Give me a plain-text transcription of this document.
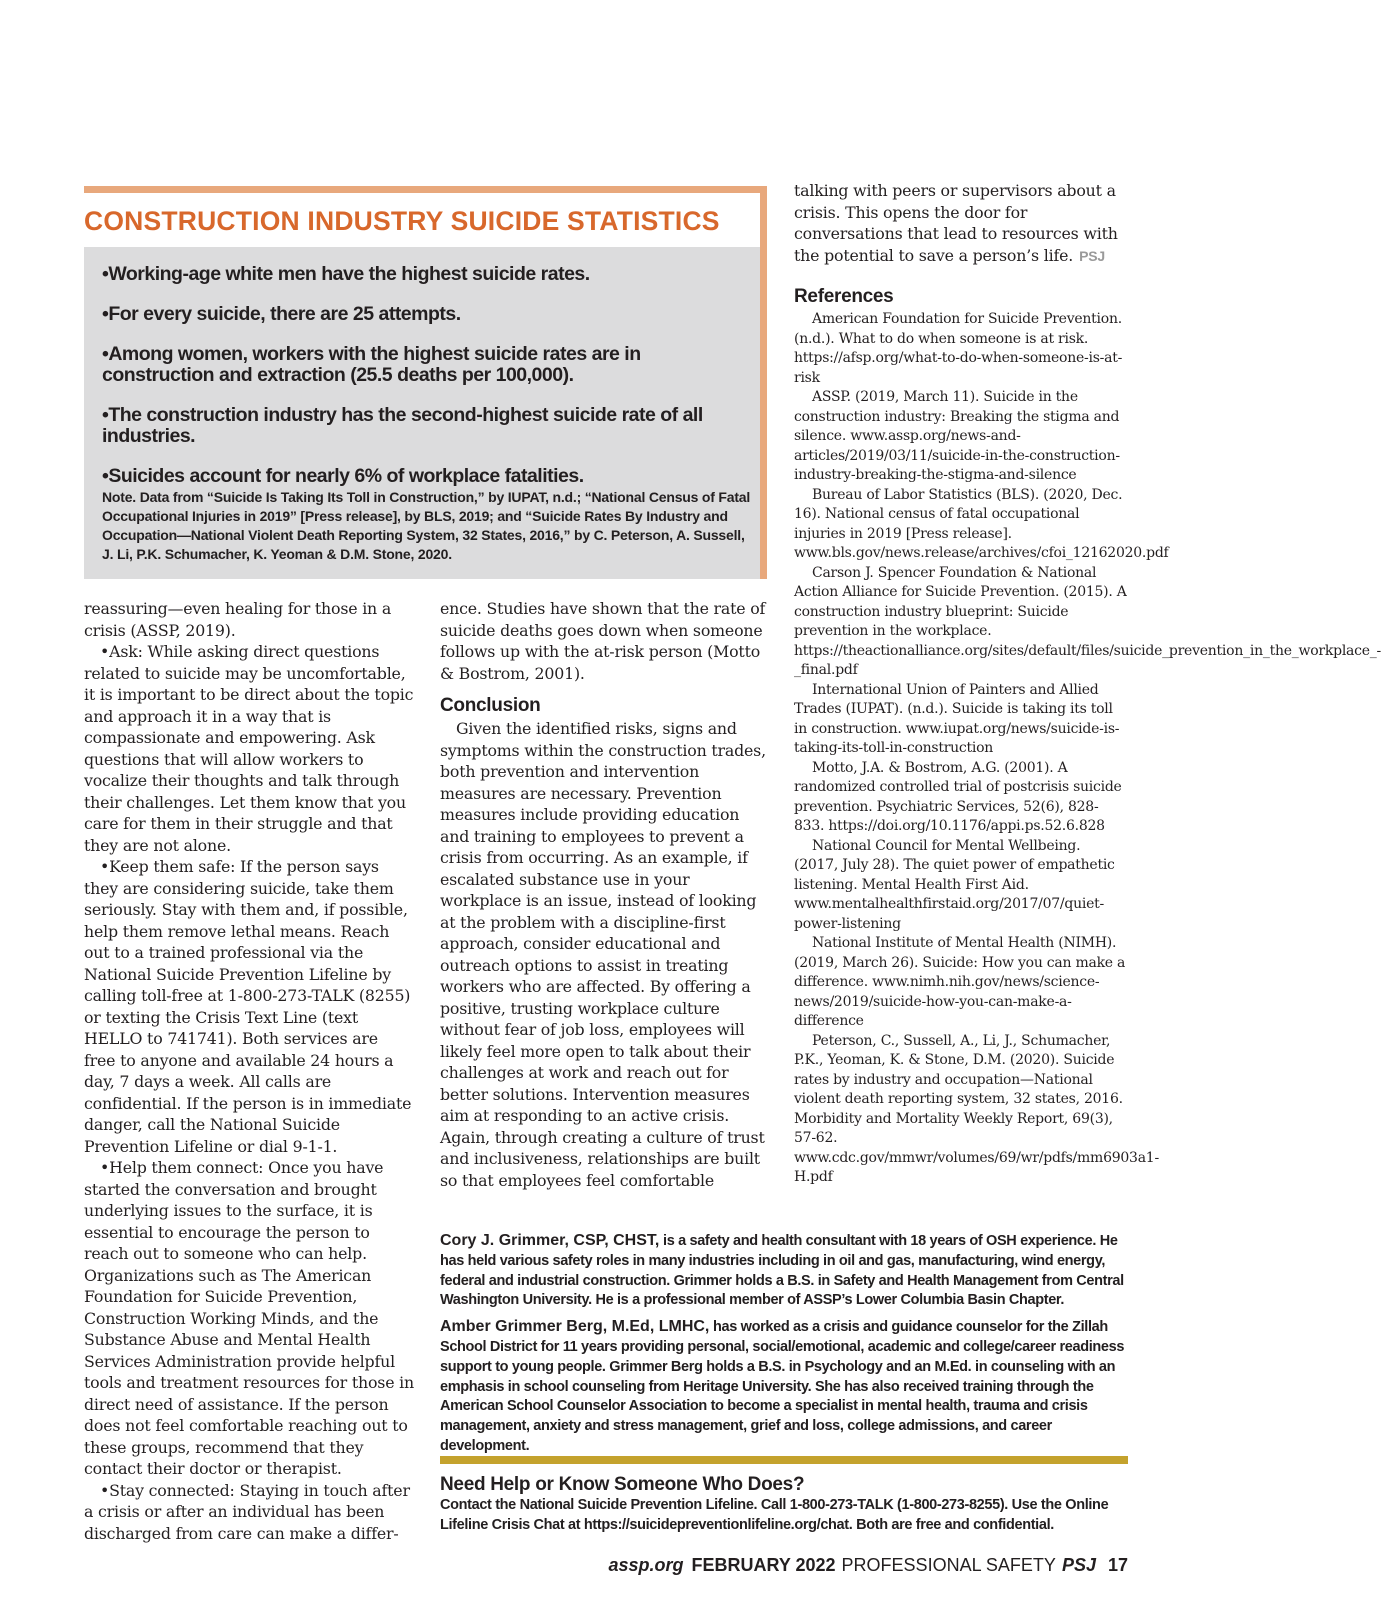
CONSTRUCTION INDUSTRY SUICIDE STATISTICS

•Working-age white men have the highest suicide rates.

•For every suicide, there are 25 attempts.

•Among women, workers with the highest suicide rates are in construction and extraction (25.5 deaths per 100,000).

•The construction industry has the second-highest suicide rate of all industries.

•Suicides account for nearly 6% of workplace fatalities.

Note. Data from “Suicide Is Taking Its Toll in Construction,” by IUPAT, n.d.; “National Census of Fatal Occupational Injuries in 2019” [Press release], by BLS, 2019; and “Suicide Rates By Industry and Occupation—National Violent Death Reporting System, 32 States, 2016,” by C. Peterson, A. Sussell, J. Li, P.K. Schumacher, K. Yeoman & D.M. Stone, 2020.

reassuring—even healing for those in a crisis (ASSP, 2019).

•Ask: While asking direct questions related to suicide may be uncomfortable, it is important to be direct about the topic and approach it in a way that is compassionate and empowering. Ask questions that will allow workers to vocalize their thoughts and talk through their challenges. Let them know that you care for them in their struggle and that they are not alone.

•Keep them safe: If the person says they are considering suicide, take them seriously. Stay with them and, if possible, help them remove lethal means. Reach out to a trained professional via the National Suicide Prevention Lifeline by calling toll-free at 1-800-273-TALK (8255) or texting the Crisis Text Line (text HELLO to 741741). Both services are free to anyone and available 24 hours a day, 7 days a week. All calls are confidential. If the person is in immediate danger, call the National Suicide Prevention Lifeline or dial 9-1-1.

•Help them connect: Once you have started the conversation and brought underlying issues to the surface, it is essential to encourage the person to reach out to someone who can help. Organizations such as The American Foundation for Suicide Prevention, Construction Working Minds, and the Substance Abuse and Mental Health Services Administration provide helpful tools and treatment resources for those in direct need of assistance. If the person does not feel comfortable reaching out to these groups, recommend that they contact their doctor or therapist.

•Stay connected: Staying in touch after a crisis or after an individual has been discharged from care can make a differ-

ence. Studies have shown that the rate of suicide deaths goes down when someone follows up with the at-risk person (Motto & Bostrom, 2001).

Conclusion

Given the identified risks, signs and symptoms within the construction trades, both prevention and intervention measures are necessary. Prevention measures include providing education and training to employees to prevent a crisis from occurring. As an example, if escalated substance use in your workplace is an issue, instead of looking at the problem with a discipline-first approach, consider educational and outreach options to assist in treating workers who are affected. By offering a positive, trusting workplace culture without fear of job loss, employees will likely feel more open to talk about their challenges at work and reach out for better solutions. Intervention measures aim at responding to an active crisis. Again, through creating a culture of trust and inclusiveness, relationships are built so that employees feel comfortable

talking with peers or supervisors about a crisis. This opens the door for conversations that lead to resources with the potential to save a person’s life. PSJ

References

American Foundation for Suicide Prevention. (n.d.). What to do when someone is at risk. https://afsp.org/what-to-do-when-someone-is-at-risk

ASSP. (2019, March 11). Suicide in the construction industry: Breaking the stigma and silence. www.assp.org/news-and-articles/2019/03/11/suicide-in-the-construction-industry-breaking-the-stigma-and-silence

Bureau of Labor Statistics (BLS). (2020, Dec. 16). National census of fatal occupational injuries in 2019 [Press release]. www.bls.gov/news.release/archives/cfoi_12162020.pdf

Carson J. Spencer Foundation & National Action Alliance for Suicide Prevention. (2015). A construction industry blueprint: Suicide prevention in the workplace. https://theactionalliance.org/sites/default/files/suicide_prevention_in_the_workplace_-_final.pdf

International Union of Painters and Allied Trades (IUPAT). (n.d.). Suicide is taking its toll in construction. www.iupat.org/news/suicide-is-taking-its-toll-in-construction

Motto, J.A. & Bostrom, A.G. (2001). A randomized controlled trial of postcrisis suicide prevention. Psychiatric Services, 52(6), 828-833. https://doi.org/10.1176/appi.ps.52.6.828

National Council for Mental Wellbeing. (2017, July 28). The quiet power of empathetic listening. Mental Health First Aid. www.mentalhealthfirstaid.org/2017/07/quiet-power-listening

National Institute of Mental Health (NIMH). (2019, March 26). Suicide: How you can make a difference. www.nimh.nih.gov/news/science-news/2019/suicide-how-you-can-make-a-difference

Peterson, C., Sussell, A., Li, J., Schumacher, P.K., Yeoman, K. & Stone, D.M. (2020). Suicide rates by industry and occupation—National violent death reporting system, 32 states, 2016. Morbidity and Mortality Weekly Report, 69(3), 57-62. www.cdc.gov/mmwr/volumes/69/wr/pdfs/mm6903a1-H.pdf

Cory J. Grimmer, CSP, CHST, is a safety and health consultant with 18 years of OSH experience. He has held various safety roles in many industries including in oil and gas, manufacturing, wind energy, federal and industrial construction. Grimmer holds a B.S. in Safety and Health Management from Central Washington University. He is a professional member of ASSP’s Lower Columbia Basin Chapter.

Amber Grimmer Berg, M.Ed, LMHC, has worked as a crisis and guidance counselor for the Zillah School District for 11 years providing personal, social/emotional, academic and college/career readiness support to young people. Grimmer Berg holds a B.S. in Psychology and an M.Ed. in counseling with an emphasis in school counseling from Heritage University. She has also received training through the American School Counselor Association to become a specialist in mental health, trauma and crisis management, anxiety and stress management, grief and loss, college admissions, and career development.

Need Help or Know Someone Who Does?

Contact the National Suicide Prevention Lifeline. Call 1-800-273-TALK (1-800-273-8255). Use the Online Lifeline Crisis Chat at https://suicidepreventionlifeline.org/chat. Both are free and confidential.

assp.org FEBRUARY 2022 PROFESSIONAL SAFETY PSJ 17
